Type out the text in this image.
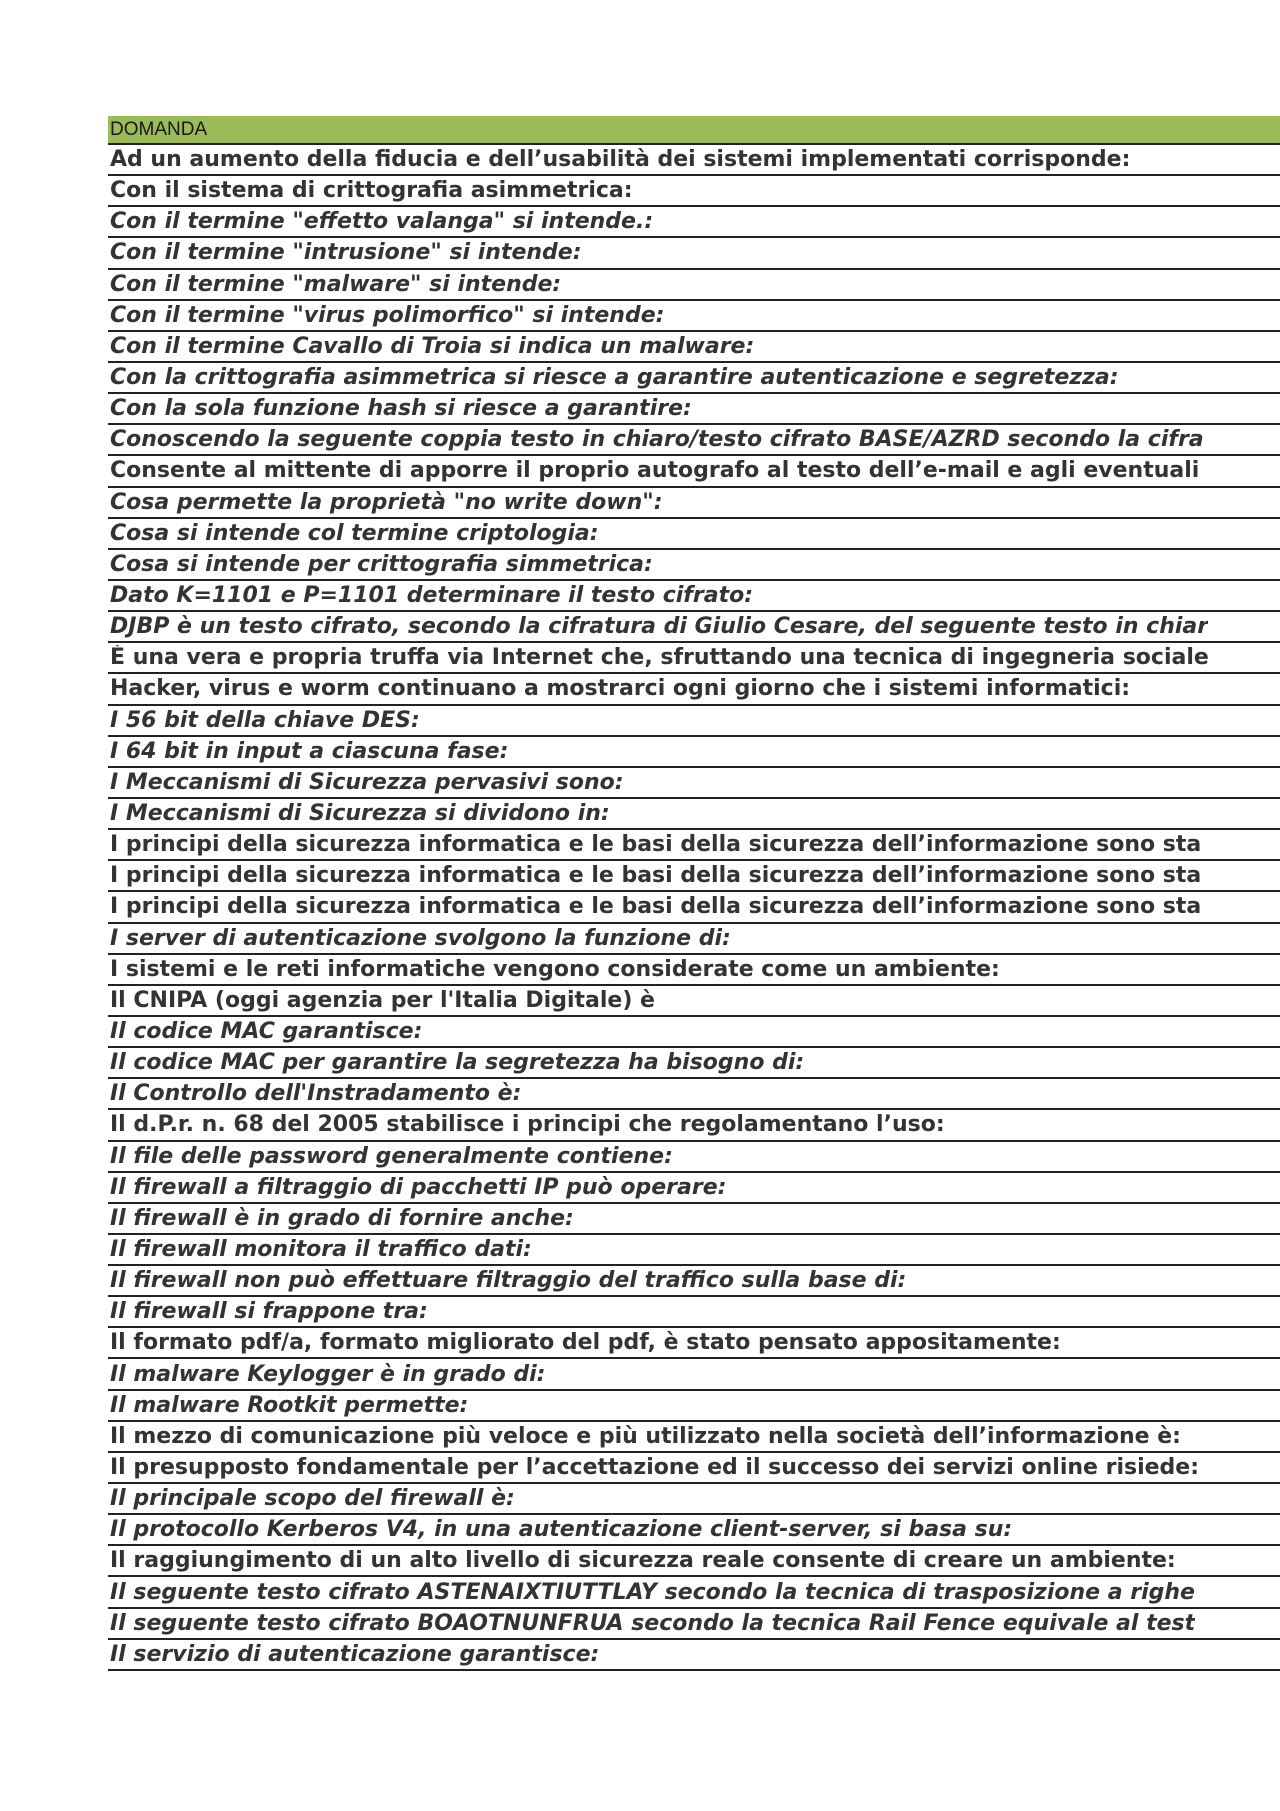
DOMANDA
Ad un aumento della fiducia e dell’usabilità dei sistemi implementati corrisponde:
Con il sistema di crittografia asimmetrica:
Con il termine "effetto valanga" si intende.:
Con il termine "intrusione" si intende:
Con il termine "malware" si intende:
Con il termine "virus polimorfico" si intende:
Con il termine Cavallo di Troia si indica un malware:
Con la crittografia asimmetrica si riesce a garantire autenticazione e segretezza:
Con la sola funzione hash si riesce a garantire:
Conoscendo la seguente coppia testo in chiaro/testo cifrato BASE/AZRD secondo la cifra
Consente al mittente di apporre il proprio autografo al testo dell’e-mail e agli eventuali
Cosa permette la proprietà "no write down":
Cosa si intende col termine criptologia:
Cosa si intende per crittografia simmetrica:
Dato K=1101 e P=1101 determinare il testo cifrato:
DJBP è un testo cifrato, secondo la cifratura di Giulio Cesare, del seguente testo in chiar
È una vera e propria truffa via Internet che, sfruttando una tecnica di ingegneria sociale
Hacker, virus e worm continuano a mostrarci ogni giorno che i sistemi informatici:
I 56 bit della chiave DES:
I 64 bit in input a ciascuna fase:
I Meccanismi di Sicurezza pervasivi sono:
I Meccanismi di Sicurezza si dividono in:
I principi della sicurezza informatica e le basi della sicurezza dell’informazione sono sta
I principi della sicurezza informatica e le basi della sicurezza dell’informazione sono sta
I principi della sicurezza informatica e le basi della sicurezza dell’informazione sono sta
I server di autenticazione svolgono la funzione di:
I sistemi e le reti informatiche vengono considerate come un ambiente:
Il CNIPA (oggi agenzia per l'Italia Digitale) è
Il codice MAC garantisce:
Il codice MAC per garantire la segretezza ha bisogno di:
Il Controllo dell'Instradamento è:
Il d.P.r. n. 68 del 2005 stabilisce i principi che regolamentano l’uso:
Il file delle password generalmente contiene:
Il firewall a filtraggio di pacchetti IP può operare:
Il firewall è in grado di fornire anche:
Il firewall monitora il traffico dati:
Il firewall non può effettuare filtraggio del traffico sulla base di:
Il firewall si frappone tra:
Il formato pdf/a, formato migliorato del pdf, è stato pensato appositamente:
Il malware Keylogger è in grado di:
Il malware Rootkit permette:
Il mezzo di comunicazione più veloce e più utilizzato nella società dell’informazione è:
Il presupposto fondamentale per l’accettazione ed il successo dei servizi online risiede:
Il principale scopo del firewall è:
Il protocollo Kerberos V4, in una autenticazione client-server, si basa su:
Il raggiungimento di un alto livello di sicurezza reale consente di creare un ambiente:
Il seguente testo cifrato ASTENAIXTIUTTLAY secondo la tecnica di trasposizione a righe
Il seguente testo cifrato BOAOTNUNFRUA secondo la tecnica Rail Fence equivale al test
Il servizio di autenticazione garantisce:
